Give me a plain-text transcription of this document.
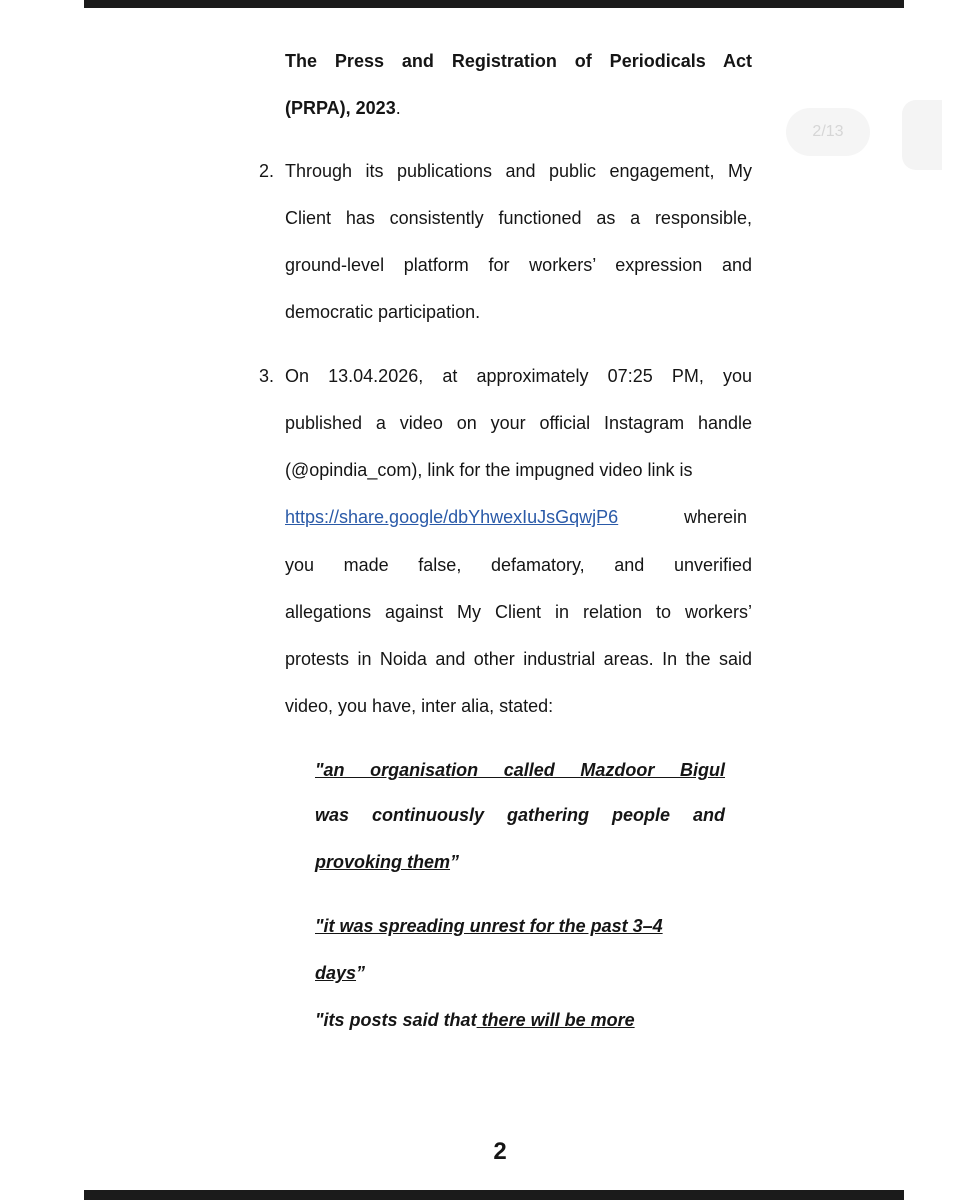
2/13

The Press and Registration of Periodicals Act

(PRPA), 2023.

2. Through its publications and public engagement, My

Client has consistently functioned as a responsible,

ground-level platform for workers’ expression and

democratic participation.

3. On 13.04.2026, at approximately 07:25 PM, you

published a video on your official Instagram handle

(@opindia_com), link for the impugned video link is

https://share.google/dbYhwexIuJsGqwjP6	wherein

you made false, defamatory, and unverified

allegations against My Client in relation to workers’

protests in Noida and other industrial areas. In the said

video, you have, inter alia, stated:

"an organisation called Mazdoor Bigul

was continuously gathering people and

provoking them”

"it was spreading unrest for the past 3–4

days”

"its posts said that there will be more

2
